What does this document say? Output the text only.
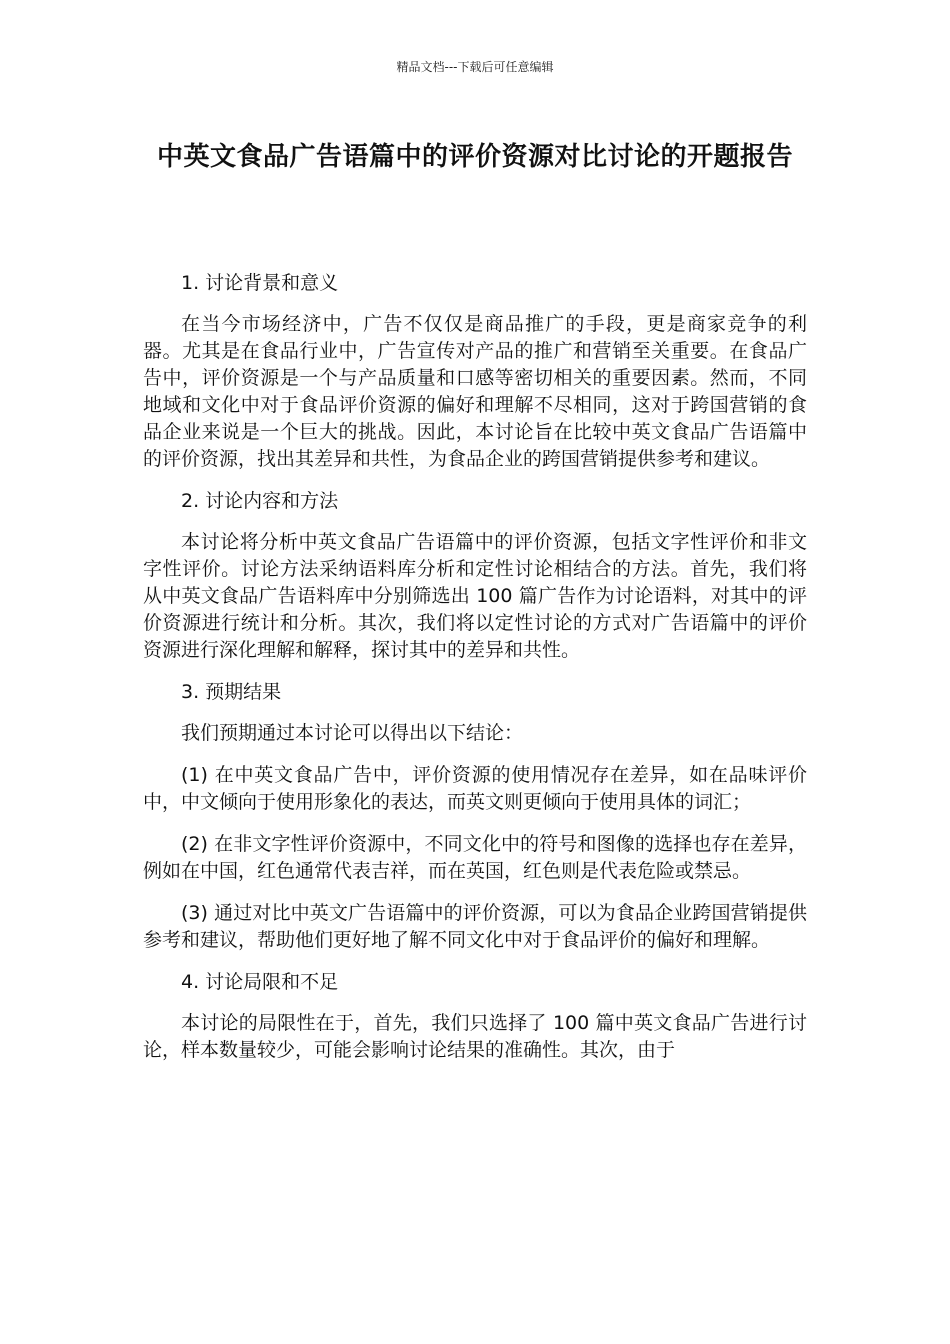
精品文档---下载后可任意编辑
中英文食品广告语篇中的评价资源对比讨论的开题报告

1. 讨论背景和意义

在当今市场经济中，广告不仅仅是商品推广的手段，更是商家竞争的利器。尤其是在食品行业中，广告宣传对产品的推广和营销至关重要。在食品广告中，评价资源是一个与产品质量和口感等密切相关的重要因素。然而，不同地域和文化中对于食品评价资源的偏好和理解不尽相同，这对于跨国营销的食品企业来说是一个巨大的挑战。因此，本讨论旨在比较中英文食品广告语篇中的评价资源，找出其差异和共性，为食品企业的跨国营销提供参考和建议。

2. 讨论内容和方法

本讨论将分析中英文食品广告语篇中的评价资源，包括文字性评价和非文字性评价。讨论方法采纳语料库分析和定性讨论相结合的方法。首先，我们将从中英文食品广告语料库中分别筛选出 100 篇广告作为讨论语料，对其中的评价资源进行统计和分析。其次，我们将以定性讨论的方式对广告语篇中的评价资源进行深化理解和解释，探讨其中的差异和共性。

3. 预期结果

我们预期通过本讨论可以得出以下结论：

(1) 在中英文食品广告中，评价资源的使用情况存在差异，如在品味评价中，中文倾向于使用形象化的表达，而英文则更倾向于使用具体的词汇；

(2) 在非文字性评价资源中，不同文化中的符号和图像的选择也存在差异，例如在中国，红色通常代表吉祥，而在英国，红色则是代表危险或禁忌。

(3) 通过对比中英文广告语篇中的评价资源，可以为食品企业跨国营销提供参考和建议，帮助他们更好地了解不同文化中对于食品评价的偏好和理解。

4. 讨论局限和不足

本讨论的局限性在于，首先，我们只选择了 100 篇中英文食品广告进行讨论，样本数量较少，可能会影响讨论结果的准确性。其次，由于
